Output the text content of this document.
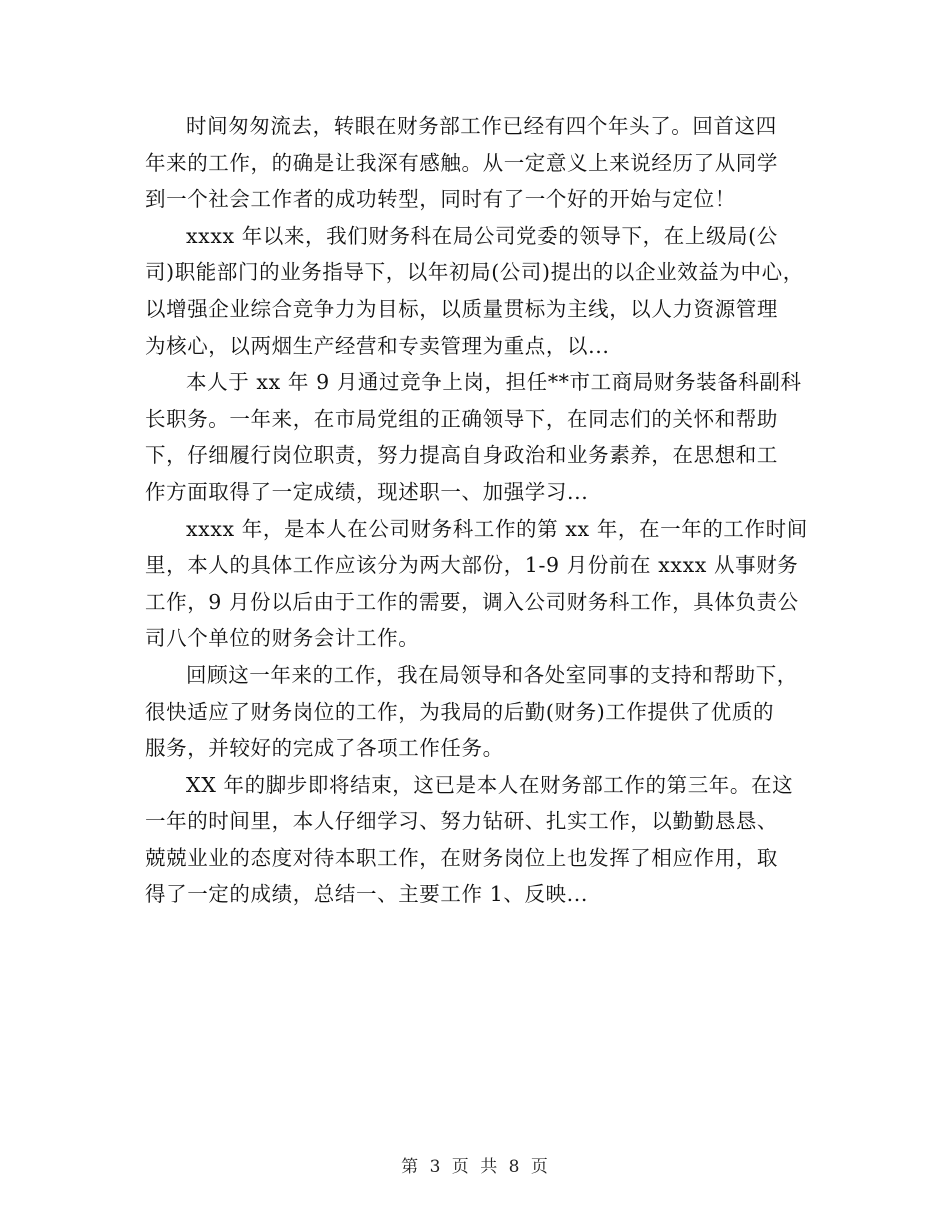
时间匆匆流去，转眼在财务部工作已经有四个年头了。回首这四
年来的工作，的确是让我深有感触。从一定意义上来说经历了从同学
到一个社会工作者的成功转型，同时有了一个好的开始与定位！

xxxx 年以来，我们财务科在局公司党委的领导下，在上级局(公
司)职能部门的业务指导下，以年初局(公司)提出的以企业效益为中心，
以增强企业综合竞争力为目标，以质量贯标为主线，以人力资源管理
为核心，以两烟生产经营和专卖管理为重点，以...

本人于 xx 年 9 月通过竞争上岗，担任**市工商局财务装备科副科
长职务。一年来，在市局党组的正确领导下，在同志们的关怀和帮助
下，仔细履行岗位职责，努力提高自身政治和业务素养，在思想和工
作方面取得了一定成绩，现述职一、加强学习...

xxxx 年，是本人在公司财务科工作的第 xx 年，在一年的工作时间
里，本人的具体工作应该分为两大部份，1-9 月份前在 xxxx 从事财务
工作，9 月份以后由于工作的需要，调入公司财务科工作，具体负责公
司八个单位的财务会计工作。

回顾这一年来的工作，我在局领导和各处室同事的支持和帮助下，
很快适应了财务岗位的工作，为我局的后勤(财务)工作提供了优质的
服务，并较好的完成了各项工作任务。

XX 年的脚步即将结束，这已是本人在财务部工作的第三年。在这
一年的时间里，本人仔细学习、努力钻研、扎实工作，以勤勤恳恳、
兢兢业业的态度对待本职工作，在财务岗位上也发挥了相应作用，取
得了一定的成绩，总结一、主要工作 1、反映...

第 3 页 共 8 页
